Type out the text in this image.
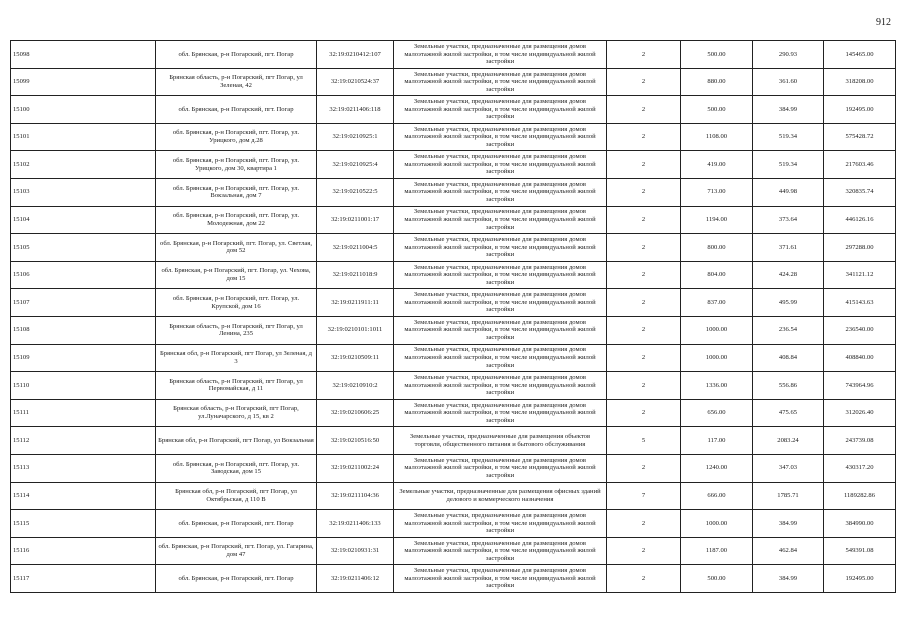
912
15098	обл. Брянская, р-н Погарский, пгт. Погар	32:19:0210412:107	Земельные участки, предназначенные для размещения домов малоэтажной жилой застройки, в том числе индивидуальной жилой застройки	2	500.00	290.93	145465.00
15099	Брянская область, р-н Погарский, пгт Погар, ул Зеленая, 42	32:19:0210524:37	Земельные участки, предназначенные для размещения домов малоэтажной жилой застройки, в том числе индивидуальной жилой застройки	2	880.00	361.60	318208.00
15100	обл. Брянская, р-н Погарский, пгт. Погар	32:19:0211406:118	Земельные участки, предназначенные для размещения домов малоэтажной жилой застройки, в том числе индивидуальной жилой застройки	2	500.00	384.99	192495.00
15101	обл. Брянская, р-н Погарский, пгт. Погар, ул. Урицкого, дом д.28	32:19:0210925:1	Земельные участки, предназначенные для размещения домов малоэтажной жилой застройки, в том числе индивидуальной жилой застройки	2	1108.00	519.34	575428.72
15102	обл. Брянская, р-н Погарский, пгт. Погар, ул. Урицкого, дом 30, квартира 1	32:19:0210925:4	Земельные участки, предназначенные для размещения домов малоэтажной жилой застройки, в том числе индивидуальной жилой застройки	2	419.00	519.34	217603.46
15103	обл. Брянская, р-н Погарский, пгт. Погар, ул. Вокзальная, дом 7	32:19:0210522:5	Земельные участки, предназначенные для размещения домов малоэтажной жилой застройки, в том числе индивидуальной жилой застройки	2	713.00	449.98	320835.74
15104	обл. Брянская, р-н Погарский, пгт. Погар, ул. Молодежная, дом 22	32:19:0211001:17	Земельные участки, предназначенные для размещения домов малоэтажной жилой застройки, в том числе индивидуальной жилой застройки	2	1194.00	373.64	446126.16
15105	обл. Брянская, р-н Погарский, пгт. Погар, ул. Светлая, дом 52	32:19:0211004:5	Земельные участки, предназначенные для размещения домов малоэтажной жилой застройки, в том числе индивидуальной жилой застройки	2	800.00	371.61	297288.00
15106	обл. Брянская, р-н Погарский, пгт. Погар, ул. Чехова, дом 15	32:19:0211018:9	Земельные участки, предназначенные для размещения домов малоэтажной жилой застройки, в том числе индивидуальной жилой застройки	2	804.00	424.28	341121.12
15107	обл. Брянская, р-н Погарский, пгт. Погар, ул. Крупской, дом 16	32:19:0211911:11	Земельные участки, предназначенные для размещения домов малоэтажной жилой застройки, в том числе индивидуальной жилой застройки	2	837.00	495.99	415143.63
15108	Брянская область, р-н Погарский, пгт Погар, ул Ленина, 235	32:19:0210101:1011	Земельные участки, предназначенные для размещения домов малоэтажной жилой застройки, в том числе индивидуальной жилой застройки	2	1000.00	236.54	236540.00
15109	Брянская обл, р-н Погарский, пгт Погар, ул Зеленая, д 3	32:19:0210509:11	Земельные участки, предназначенные для размещения домов малоэтажной жилой застройки, в том числе индивидуальной жилой застройки	2	1000.00	408.84	408840.00
15110	Брянская область, р-н Погарский, пгт Погар, ул Первомайская, д 11	32:19:0210910:2	Земельные участки, предназначенные для размещения домов малоэтажной жилой застройки, в том числе индивидуальной жилой застройки	2	1336.00	556.86	743964.96
15111	Брянская область, р-н Погарский, пгт Погар, ул.Луначарского, д 15, кв 2	32:19:0210606:25	Земельные участки, предназначенные для размещения домов малоэтажной жилой застройки, в том числе индивидуальной жилой застройки	2	656.00	475.65	312026.40
15112	Брянская обл, р-н Погарский, пгт Погар, ул Вокзальная	32:19:0210516:50	Земельные участки, предназначенные для размещения объектов торговли, общественного питания и бытового обслуживания	5	117.00	2083.24	243739.08
15113	обл. Брянская, р-н Погарский, пгт. Погар, ул. Заводская, дом 15	32:19:0211002:24	Земельные участки, предназначенные для размещения домов малоэтажной жилой застройки, в том числе индивидуальной жилой застройки	2	1240.00	347.03	430317.20
15114	Брянская обл, р-н Погарский, пгт Погар, ул Октябрьская, д 110 В	32:19:0211104:36	Земельные участки, предназначенные для размещения офисных зданий делового и коммерческого назначения	7	666.00	1785.71	1189282.86
15115	обл. Брянская, р-н Погарский, пгт. Погар	32:19:0211406:133	Земельные участки, предназначенные для размещения домов малоэтажной жилой застройки, в том числе индивидуальной жилой застройки	2	1000.00	384.99	384990.00
15116	обл. Брянская, р-н Погарский, пгт. Погар, ул. Гагарина, дом 47	32:19:0210931:31	Земельные участки, предназначенные для размещения домов малоэтажной жилой застройки, в том числе индивидуальной жилой застройки	2	1187.00	462.84	549391.08
15117	обл. Брянская, р-н Погарский, пгт. Погар	32:19:0211406:12	Земельные участки, предназначенные для размещения домов малоэтажной жилой застройки, в том числе индивидуальной жилой застройки	2	500.00	384.99	192495.00
